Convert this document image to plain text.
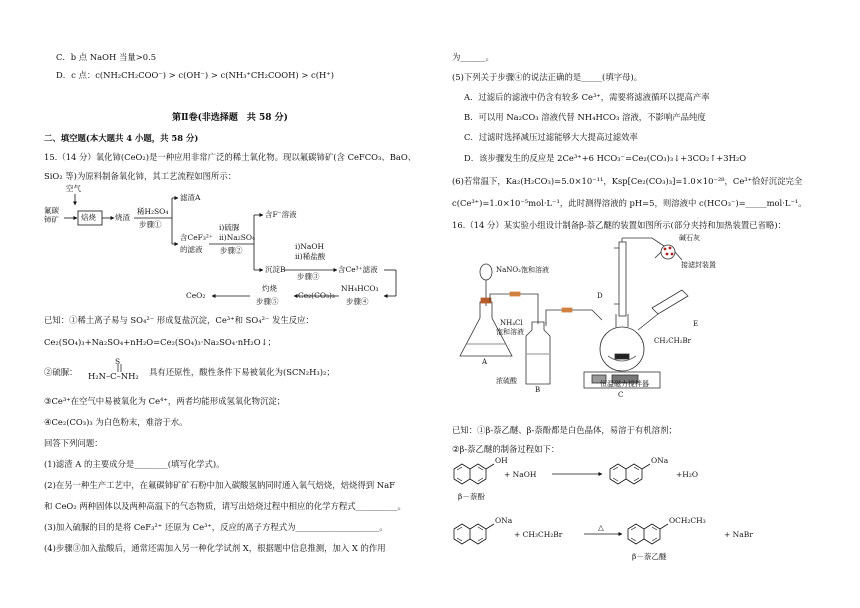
C．b 点 NaOH 当量>0.5
D．c 点：c(NH₂CH₂COO⁻) > c(OH⁻) > c(NH₃⁺CH₂COOH) > c(H⁺)
第Ⅱ卷(非选择题　共 58 分)
二、填空题(本大题共 4 小题，共 58 分)
15.（14 分）氧化铈(CeO₂)是一种应用非常广泛的稀土氧化物。现以氟碳铈矿(含 CeFCO₃、BaO、
SiO₂ 等)为原料制备氧化铈，其工艺流程如图所示：
空气
氟碳
铈矿	焙烧	烧渣
稀H₂SO₄
步骤①
滤渣A
含CeF₃²⁺
的滤液
i)硫脲
ii)Na₂SO₄
步骤②
含F⁻溶液
i)NaOH
ii)稀盐酸
步骤③
沉淀B	含Ce³⁺滤液
NH₄HCO₃
步骤④
灼烧
步骤⑤
CeO₂	Ce₂(CO₃)₃
已知：①稀土离子易与 SO₄²⁻ 形成复盐沉淀，Ce³⁺和 SO₄²⁻ 发生反应：
Ce₂(SO₄)₃+Na₂SO₄+nH₂O=Ce₂(SO₄)₃·Na₂SO₄·nH₂O↓；
②硫脲：
S
H₂N–C–NH₂ 具有还原性，酸性条件下易被氧化为(SCN₂H₃)₂；
③Ce³⁺在空气中易被氧化为 Ce⁴⁺，两者均能形成氢氧化物沉淀；
④Ce₂(CO₃)₃ 为白色粉末，难溶于水。
回答下列问题：
(1)滤渣 A 的主要成分是________(填写化学式)。
(2)在另一种生产工艺中，在氟碳铈矿矿石粉中加入碳酸氢钠同时通入氧气焙烧，焙烧得到 NaF
和 CeO₂ 两种固体以及两种高温下的气态物质，请写出焙烧过程中相应的化学方程式__________。
(3)加入硫脲的目的是将 CeF₃²⁺ 还原为 Ce³⁺，反应的离子方程式为____________________。
(4)步骤③加入盐酸后，通常还需加入另一种化学试剂 X，根据题中信息推测，加入 X 的作用
为______。
(5)下列关于步骤④的说法正确的是_____(填字母)。
A．过滤后的滤液中仍含有较多 Ce³⁺，需要将滤液循环以提高产率
B．可以用 Na₂CO₃ 溶液代替 NH₄HCO₃ 溶液，不影响产品纯度
C．过滤时选择减压过滤能够大大提高过滤效率
D．该步骤发生的反应是 2Ce³⁺+6 HCO₃⁻=Ce₂(CO₃)₃↓+3CO₂↑+3H₂O
(6)若常温下，Ka₂(H₂CO₃)=5.0×10⁻¹¹，Ksp[Ce₂(CO₃)₃]=1.0×10⁻²⁸，Ce³⁺恰好沉淀完全
c(Ce³⁺)=1.0×10⁻⁵mol·L⁻¹，此时测得溶液的 pH=5，则溶液中 c(HCO₃⁻)=_____mol·L⁻¹。
16.（14 分）某实验小组设计制备β-萘乙醚的装置如图所示(部分夹持和加热装置已省略)：
碱石灰
接滤封装置
NaNO₂饱和溶液
NH₄Cl
饱和溶液
D
E
CH₂CH₂Br
A
浓硫酸
B
恒温磁力搅拌器
C
已知：①β-萘乙醚、β-萘酚都是白色晶体，易溶于有机溶剂；
②β-萘乙醚的制备过程如下：
OH
+ NaOH
ONa
+H₂O
β－萘酚
ONa
+ CH₃CH₂Br
△
OCH₂CH₃
+ NaBr
β－萘乙醚
